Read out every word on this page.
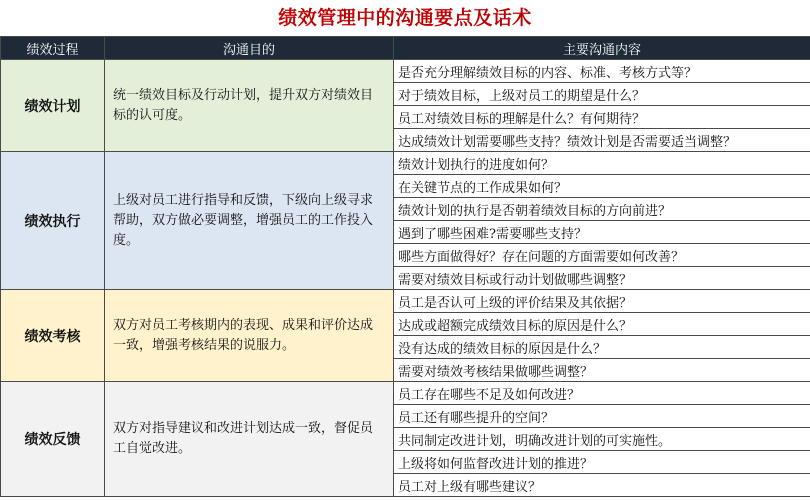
绩效管理中的沟通要点及话术
绩效过程	沟通目的	主要沟通内容
绩效计划	统一绩效目标及行动计划，提升双方对绩效目标的认可度。	是否充分理解绩效目标的内容、标准、考核方式等？
		对于绩效目标，上级对员工的期望是什么？
		员工对绩效目标的理解是什么？有何期待？
		达成绩效计划需要哪些支持？绩效计划是否需要适当调整？
绩效执行	上级对员工进行指导和反馈，下级向上级寻求帮助，双方做必要调整，增强员工的工作投入度。	绩效计划执行的进度如何？
		在关键节点的工作成果如何？
		绩效计划的执行是否朝着绩效目标的方向前进？
		遇到了哪些困难?需要哪些支持？
		哪些方面做得好？存在问题的方面需要如何改善？
		需要对绩效目标或行动计划做哪些调整？
绩效考核	双方对员工考核期内的表现、成果和评价达成一致，增强考核结果的说服力。	员工是否认可上级的评价结果及其依据？
		达成或超额完成绩效目标的原因是什么？
		没有达成的绩效目标的原因是什么？
		需要对绩效考核结果做哪些调整？
绩效反馈	双方对指导建议和改进计划达成一致，督促员工自觉改进。	员工存在哪些不足及如何改进？
		员工还有哪些提升的空间？
		共同制定改进计划，明确改进计划的可实施性。
		上级将如何监督改进计划的推进？
		员工对上级有哪些建议？
